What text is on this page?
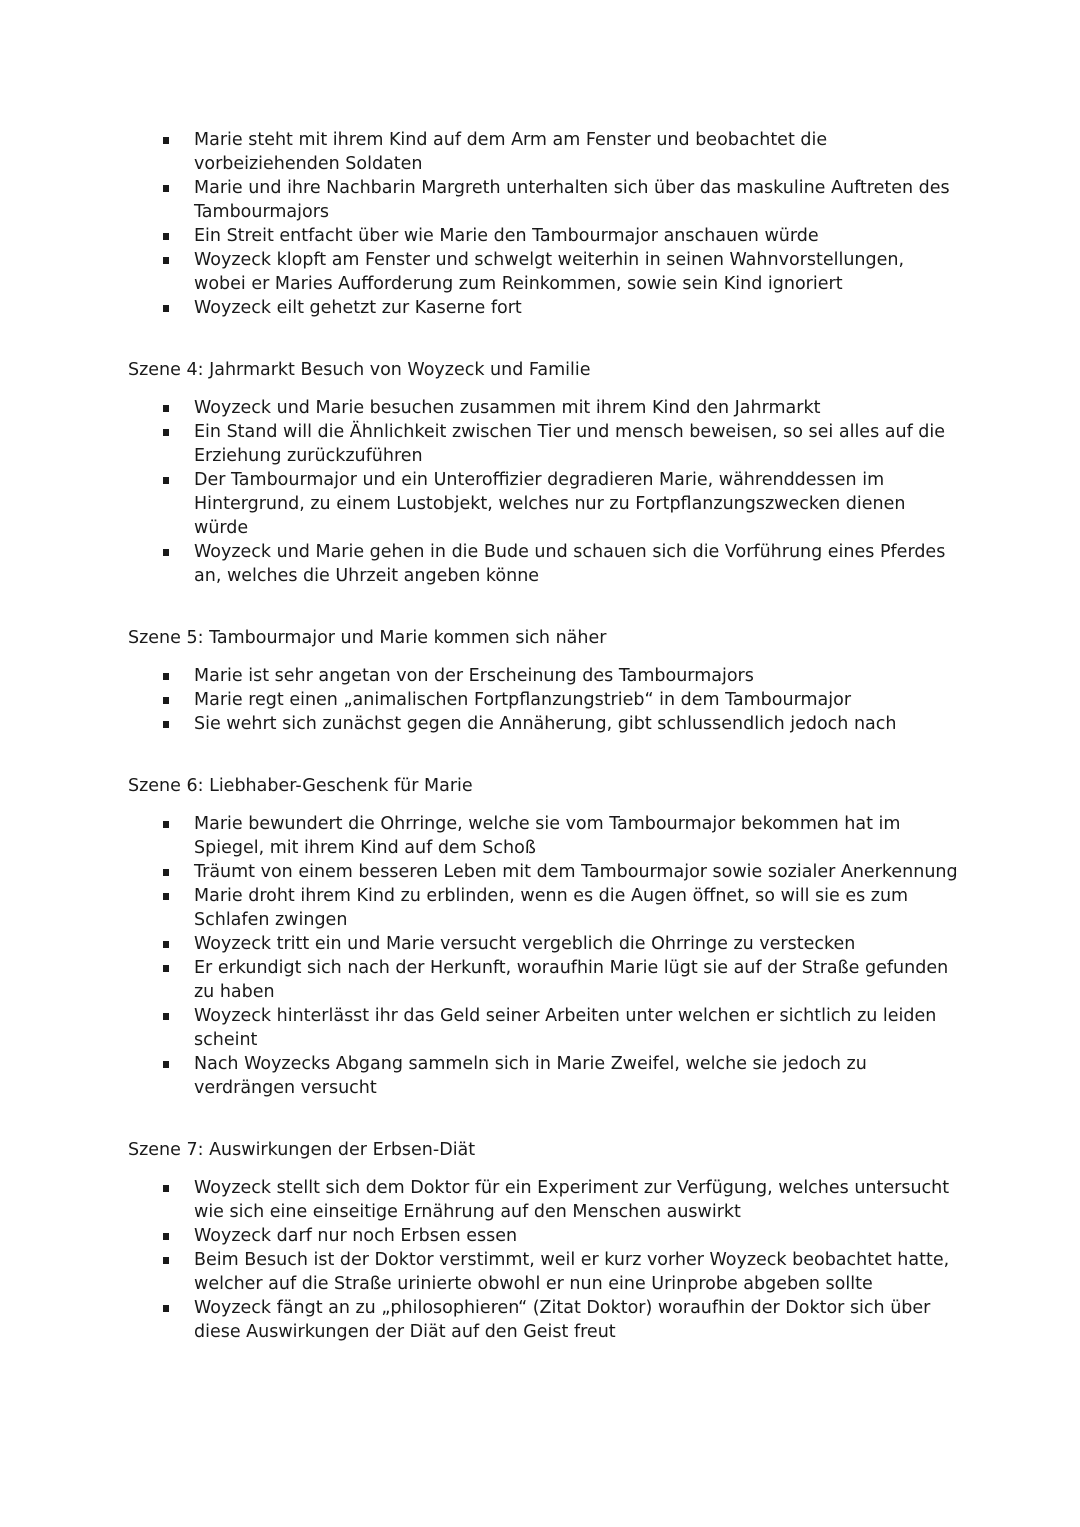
Marie steht mit ihrem Kind auf dem Arm am Fenster und beobachtet die vorbeiziehenden Soldaten
Marie und ihre Nachbarin Margreth unterhalten sich über das maskuline Auftreten des Tambourmajors
Ein Streit entfacht über wie Marie den Tambourmajor anschauen würde
Woyzeck klopft am Fenster und schwelgt weiterhin in seinen Wahnvorstellungen, wobei er Maries Aufforderung zum Reinkommen, sowie sein Kind ignoriert
Woyzeck eilt gehetzt zur Kaserne fort
Szene 4: Jahrmarkt Besuch von Woyzeck und Familie
Woyzeck und Marie besuchen zusammen mit ihrem Kind den Jahrmarkt
Ein Stand will die Ähnlichkeit zwischen Tier und mensch beweisen, so sei alles auf die Erziehung zurückzuführen
Der Tambourmajor und ein Unteroffizier degradieren Marie, währenddessen im Hintergrund, zu einem Lustobjekt, welches nur zu Fortpflanzungszwecken dienen würde
Woyzeck und Marie gehen in die Bude und schauen sich die Vorführung eines Pferdes an, welches die Uhrzeit angeben könne
Szene 5: Tambourmajor und Marie kommen sich näher
Marie ist sehr angetan von der Erscheinung des Tambourmajors
Marie regt einen „animalischen Fortpflanzungstrieb“ in dem Tambourmajor
Sie wehrt sich zunächst gegen die Annäherung, gibt schlussendlich jedoch nach
Szene 6: Liebhaber-Geschenk für Marie
Marie bewundert die Ohrringe, welche sie vom Tambourmajor bekommen hat im Spiegel, mit ihrem Kind auf dem Schoß
Träumt von einem besseren Leben mit dem Tambourmajor sowie sozialer Anerkennung
Marie droht ihrem Kind zu erblinden, wenn es die Augen öffnet, so will sie es zum Schlafen zwingen
Woyzeck tritt ein und Marie versucht vergeblich die Ohrringe zu verstecken
Er erkundigt sich nach der Herkunft, woraufhin Marie lügt sie auf der Straße gefunden zu haben
Woyzeck hinterlässt ihr das Geld seiner Arbeiten unter welchen er sichtlich zu leiden scheint
Nach Woyzecks Abgang sammeln sich in Marie Zweifel, welche sie jedoch zu verdrängen versucht
Szene 7: Auswirkungen der Erbsen-Diät
Woyzeck stellt sich dem Doktor für ein Experiment zur Verfügung, welches untersucht wie sich eine einseitige Ernährung auf den Menschen auswirkt
Woyzeck darf nur noch Erbsen essen
Beim Besuch ist der Doktor verstimmt, weil er kurz vorher Woyzeck beobachtet hatte, welcher auf die Straße urinierte obwohl er nun eine Urinprobe abgeben sollte
Woyzeck fängt an zu „philosophieren“ (Zitat Doktor) woraufhin der Doktor sich über diese Auswirkungen der Diät auf den Geist freut
